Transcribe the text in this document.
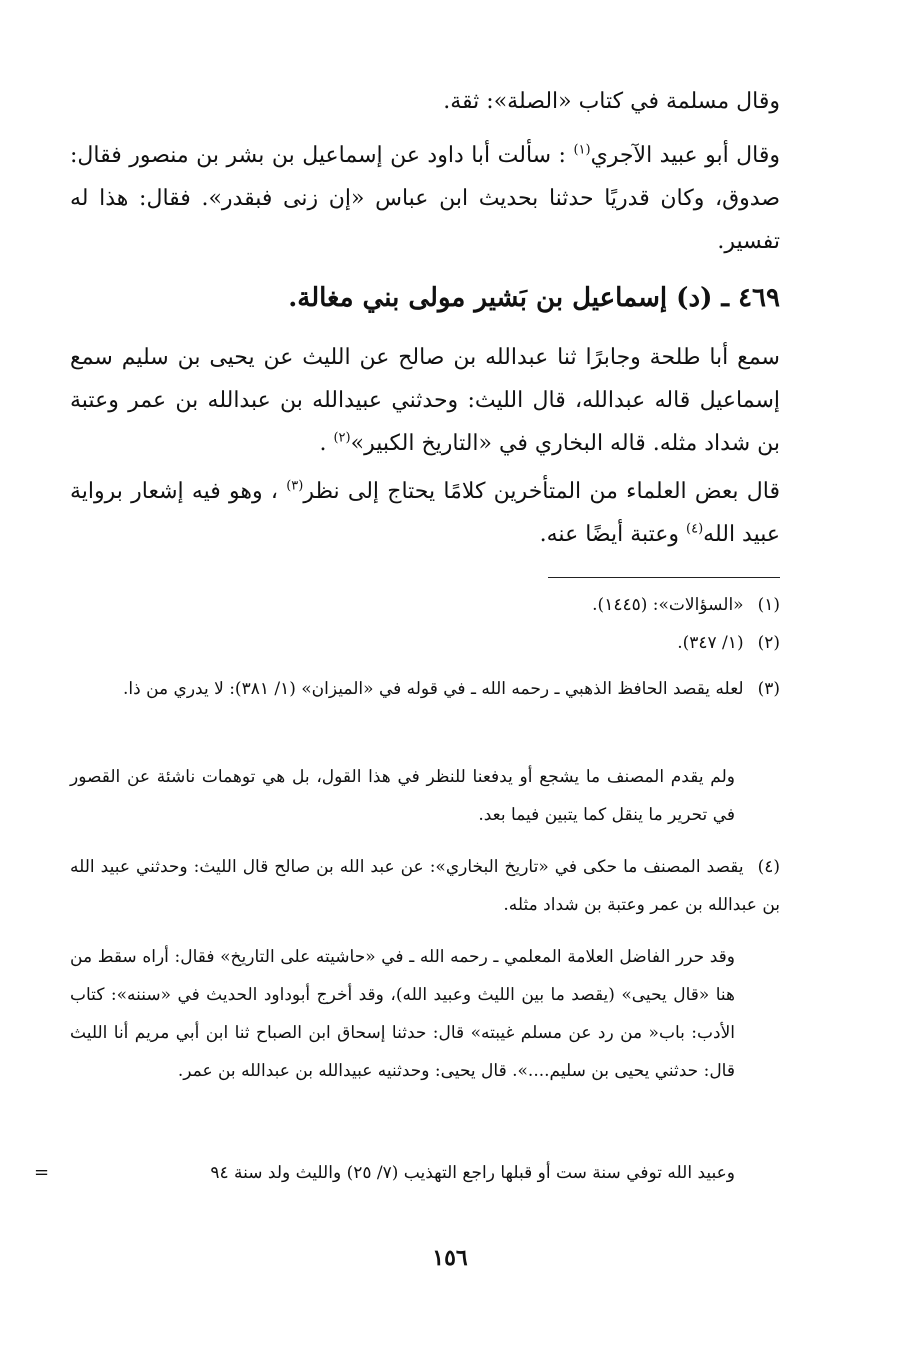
وقال مسلمة في كتاب «الصلة»: ثقة.
وقال أبو عبيد الآجري$^{(١)}$ : سألت أبا داود عن إسماعيل بن بشر بن منصور فقال: صدوق، وكان قدريًا حدثنا بحديث ابن عباس «إن زنى فبقدر». فقال: هذا له تفسير.
٤٦٩ ـ (د) إسماعيل بن بَشير مولى بني مغالة.
سمع أبا طلحة وجابرًا ثنا عبدالله بن صالح عن الليث عن يحيى بن سليم سمع إسماعيل قاله عبدالله، قال الليث: وحدثني عبيدالله بن عبدالله بن عمر وعتبة بن شداد مثله. قاله البخاري في «التاريخ الكبير»$^{(٢)}$ .
قال بعض العلماء من المتأخرين كلامًا يحتاج إلى نظر$^{(٣)}$ ، وهو فيه إشعار برواية عبيد الله$^{(٤)}$ وعتبة أيضًا عنه.
(١)«السؤالات»: (١٤٤٥).
(٢)(١/ ٣٤٧).
(٣)لعله يقصد الحافظ الذهبي ـ رحمه الله ـ في قوله في «الميزان» (١/ ٣٨١): لا يدري من ذا.
ولم يقدم المصنف ما يشجع أو يدفعنا للنظر في هذا القول، بل هي توهمات ناشئة عن القصور في تحرير ما ينقل كما يتبين فيما بعد.
(٤)يقصد المصنف ما حكى في «تاريخ البخاري»: عن عبد الله بن صالح قال الليث: وحدثني عبيد الله بن عبدالله بن عمر وعتبة بن شداد مثله.
وقد حرر الفاضل العلامة المعلمي ـ رحمه الله ـ في «حاشيته على التاريخ» فقال: أراه سقط من هنا «قال يحيى» (يقصد ما بين الليث وعبيد الله)، وقد أخرج أبوداود الحديث في «سننه»: كتاب الأدب: باب« من رد عن مسلم غيبته» قال: حدثنا إسحاق ابن الصباح ثنا ابن أبي مريم أنا الليث قال: حدثني يحيى بن سليم....». قال يحيى: وحدثنيه عبيدالله بن عبدالله بن عمر.
وعبيد الله توفي سنة ست أو قبلها راجع التهذيب (٧/ ٢٥) والليث ولد سنة ٩٤
=
١٥٦
